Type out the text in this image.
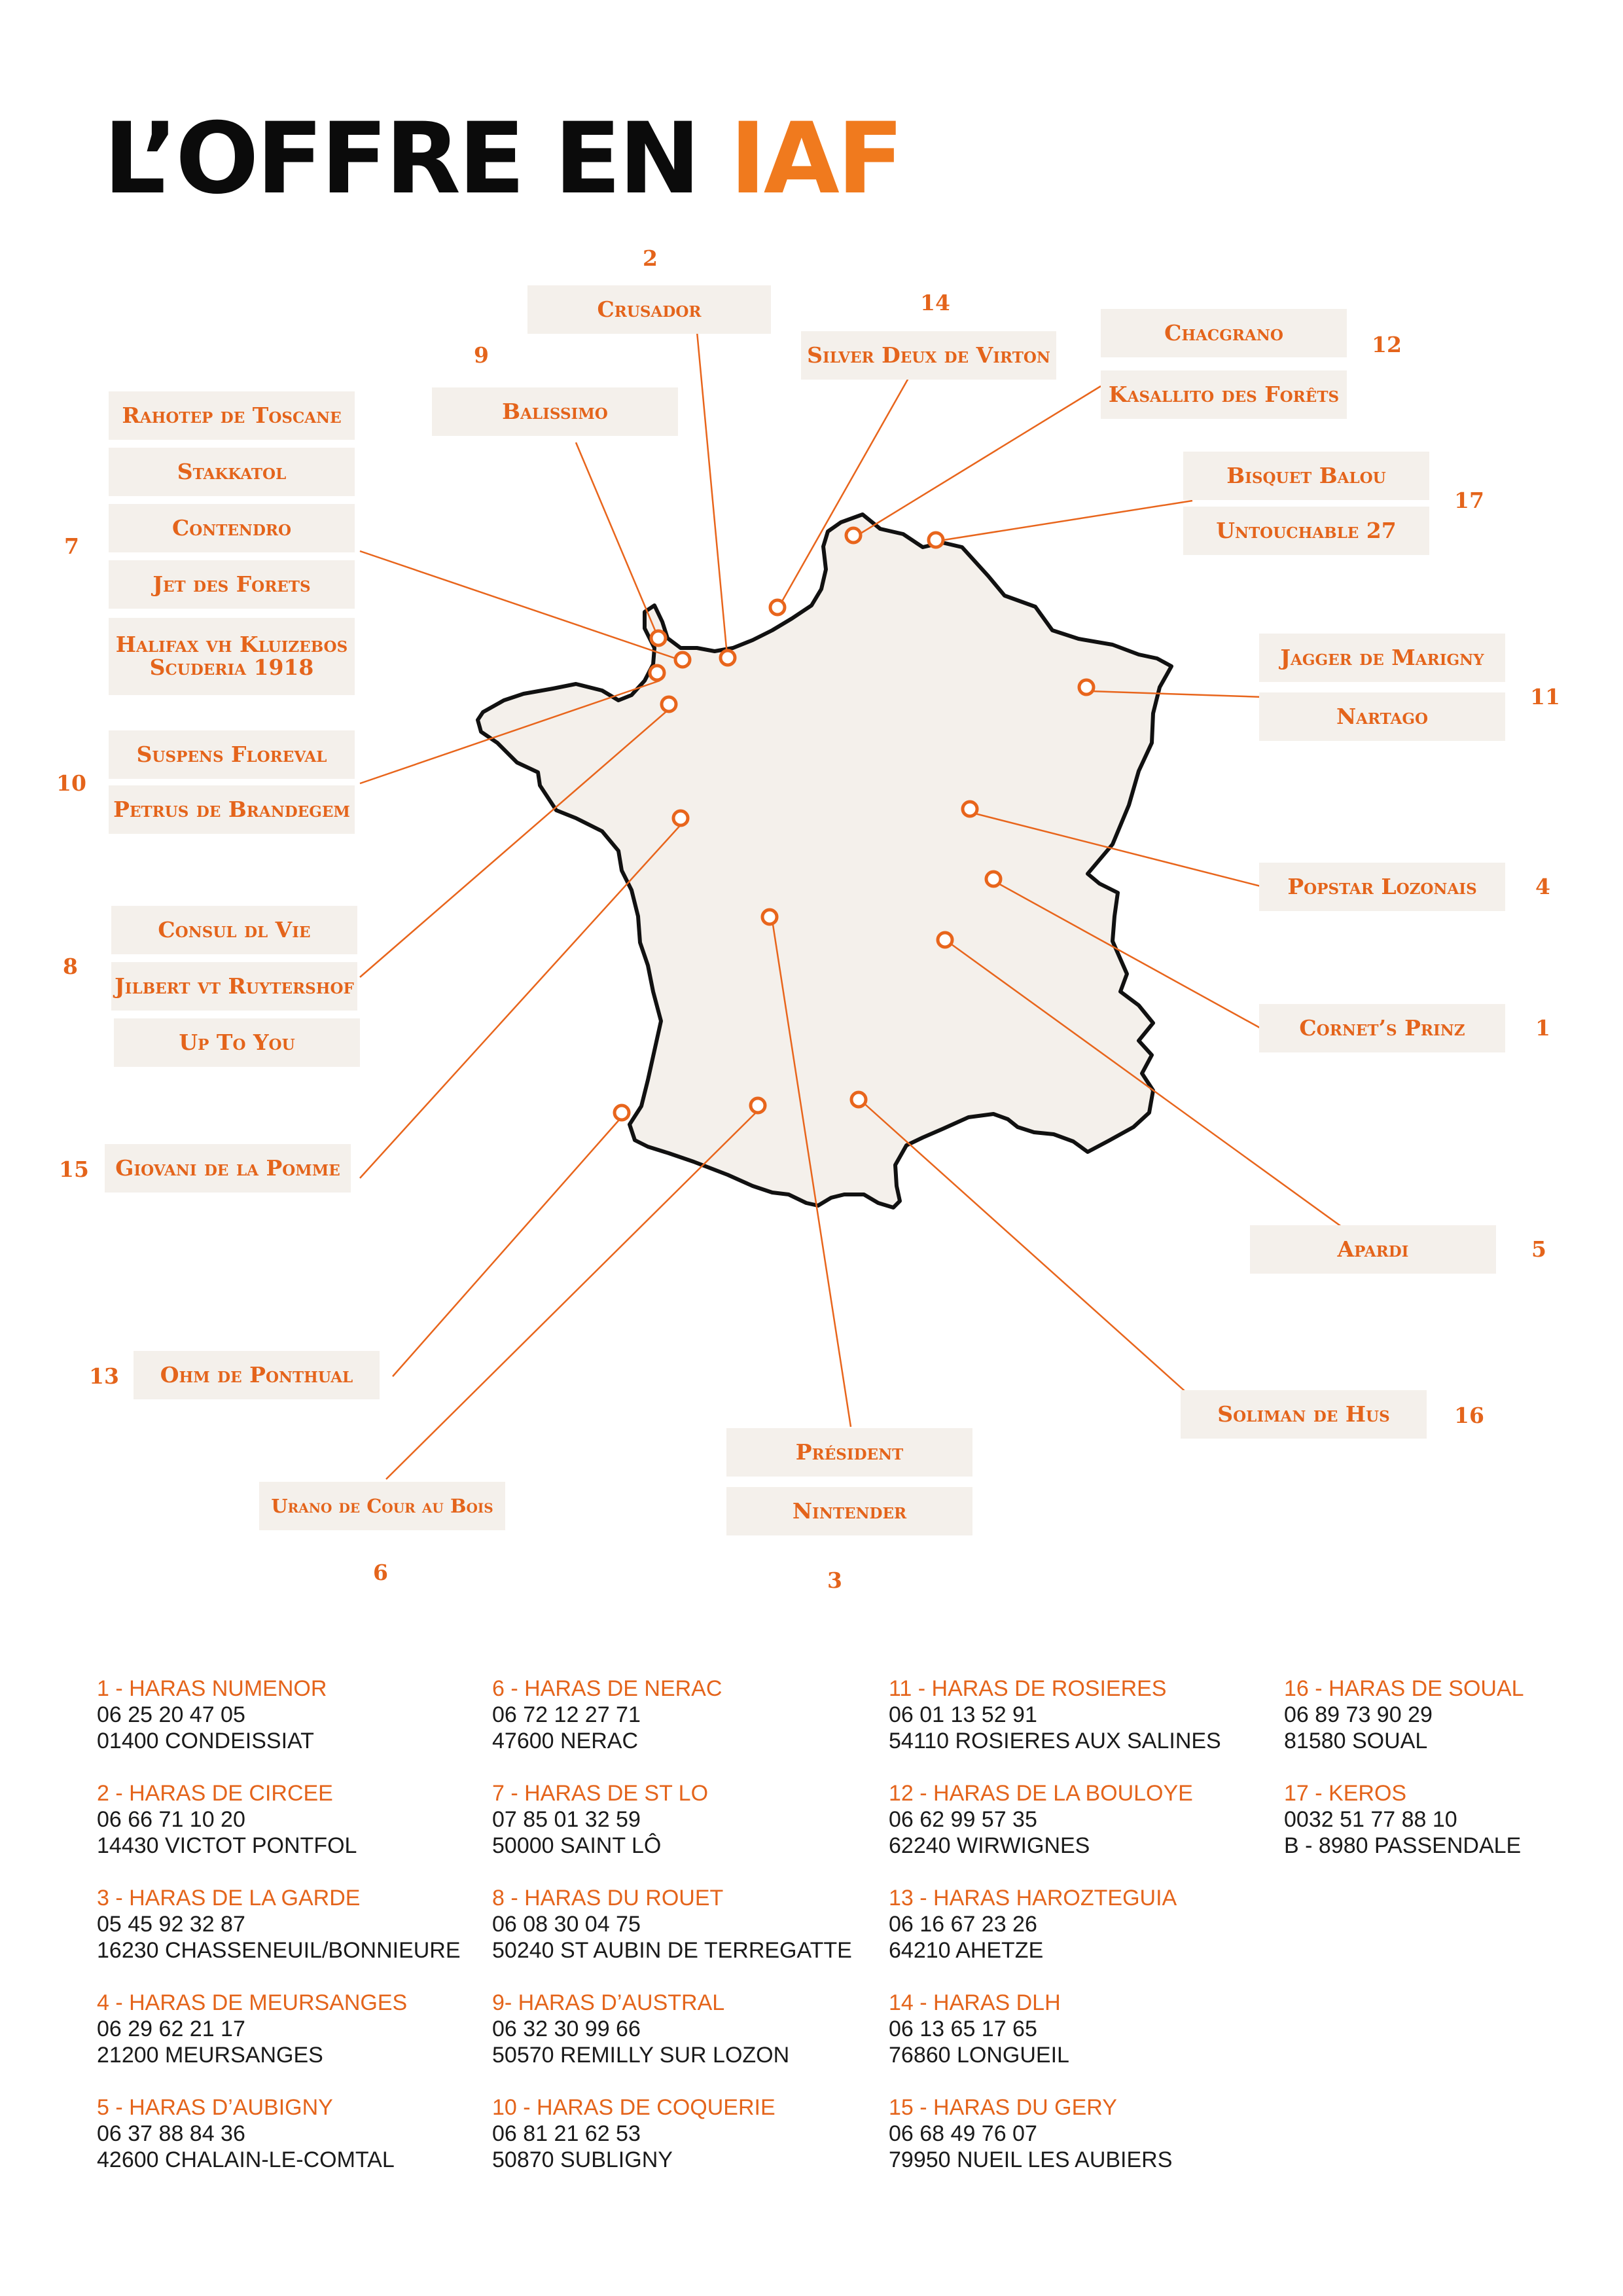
L’OFFRE EN IAF
Crusador
Silver Deux de Virton
Chacgrano
Kasallito des Forêts
Balissimo
Rahotep de Toscane
Stakkatol
Contendro
Jet des Forets
Halifax vh Kluizebos Scuderia 1918
Bisquet Balou
Untouchable 27
Jagger de Marigny
Nartago
Suspens Floreval
Petrus de Brandegem
Popstar Lozonais
Consul dl Vie
Jilbert vt Ruytershof
Up To You
Cornet’s Prinz
Giovani de la Pomme
Apardi
Ohm de Ponthual
Soliman de Hus
Président
Nintender
Urano de Cour au Bois
2
14
12
9
17
7
11
10
4
8
1
15
5
13
16
6	3
1 - HARAS NUMENOR
06 25 20 47 05
01400 CONDEISSIAT
2 - HARAS DE CIRCEE
06 66 71 10 20
14430 VICTOT PONTFOL
3 - HARAS DE LA GARDE
05 45 92 32 87
16230 CHASSENEUIL/BONNIEURE
4 - HARAS DE MEURSANGES
06 29 62 21 17
21200 MEURSANGES
5 - HARAS D’AUBIGNY
06 37 88 84 36
42600 CHALAIN-LE-COMTAL
6 - HARAS DE NERAC
06 72 12 27 71
47600 NERAC
7 - HARAS DE ST LO
07 85 01 32 59
50000 SAINT LÔ
8 - HARAS DU ROUET
06 08 30 04 75
50240 ST AUBIN DE TERREGATTE
9- HARAS D’AUSTRAL
06 32 30 99 66
50570 REMILLY SUR LOZON
10 - HARAS DE COQUERIE
06 81 21 62 53
50870 SUBLIGNY
11 - HARAS DE ROSIERES
06 01 13 52 91
54110 ROSIERES AUX SALINES
12 - HARAS DE LA BOULOYE
06 62 99 57 35
62240 WIRWIGNES
13 - HARAS HAROZTEGUIA
06 16 67 23 26
64210 AHETZE
14 - HARAS DLH
06 13 65 17 65
76860 LONGUEIL
15 - HARAS DU GERY
06 68 49 76 07
79950 NUEIL LES AUBIERS
16 - HARAS DE SOUAL
06 89 73 90 29
81580 SOUAL
17 - KEROS
0032 51 77 88 10
B - 8980 PASSENDALE
